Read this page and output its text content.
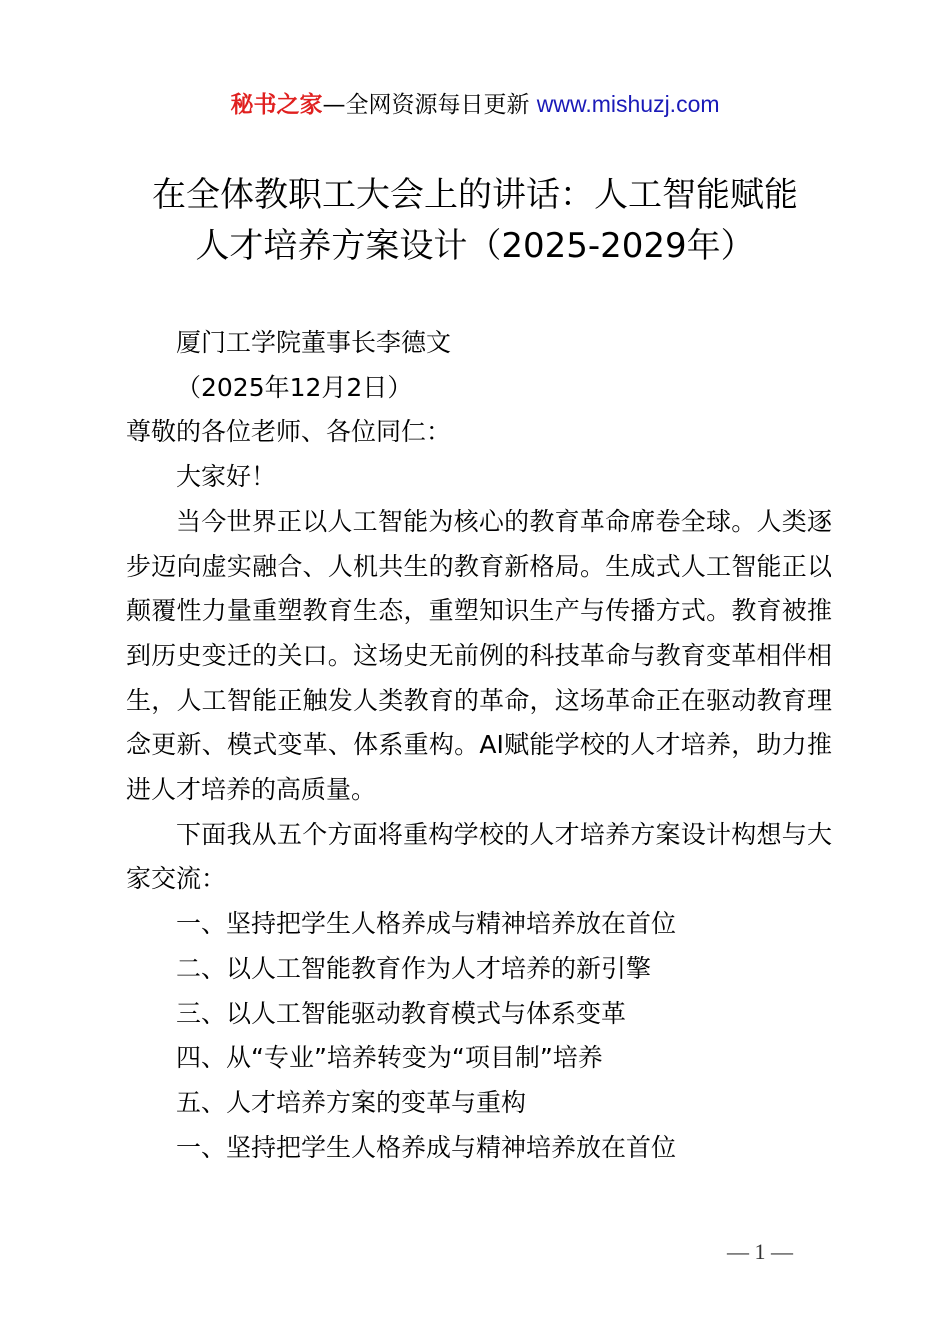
秘书之家—全网资源每日更新 www.mishuzj.com
在全体教职工大会上的讲话：人工智能赋能
人才培养方案设计（2025-2029年）

厦门工学院董事长李德文

（2025年12月2日）

尊敬的各位老师、各位同仁：

大家好！

当今世界正以人工智能为核心的教育革命席卷全球。人类逐步迈向虚实融合、人机共生的教育新格局。生成式人工智能正以颠覆性力量重塑教育生态，重塑知识生产与传播方式。教育被推到历史变迁的关口。这场史无前例的科技革命与教育变革相伴相生，人工智能正触发人类教育的革命，这场革命正在驱动教育理念更新、模式变革、体系重构。AI赋能学校的人才培养，助力推进人才培养的高质量。

下面我从五个方面将重构学校的人才培养方案设计构想与大家交流：

一、坚持把学生人格养成与精神培养放在首位

二、以人工智能教育作为人才培养的新引擎

三、以人工智能驱动教育模式与体系变革

四、从“专业”培养转变为“项目制”培养

五、人才培养方案的变革与重构

一、坚持把学生人格养成与精神培养放在首位

— 1 —
